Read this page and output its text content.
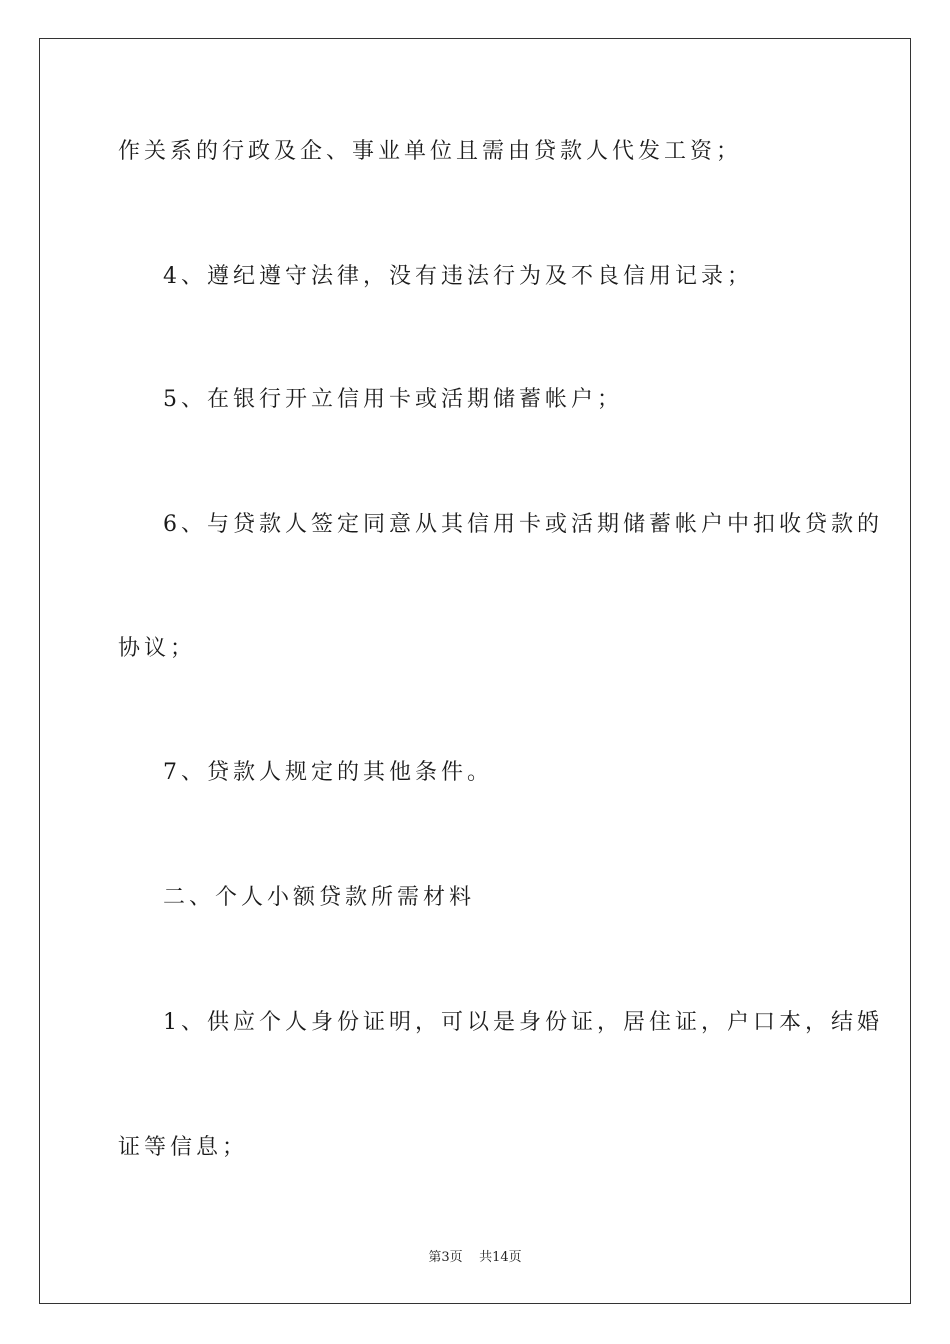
作关系的行政及企、事业单位且需由贷款人代发工资；
4、遵纪遵守法律，没有违法行为及不良信用记录；
5、在银行开立信用卡或活期储蓄帐户；
6、与贷款人签定同意从其信用卡或活期储蓄帐户中扣收贷款的
协议；
7、贷款人规定的其他条件。
二、个人小额贷款所需材料
1、供应个人身份证明，可以是身份证，居住证，户口本，结婚
证等信息；
第3页 共14页
